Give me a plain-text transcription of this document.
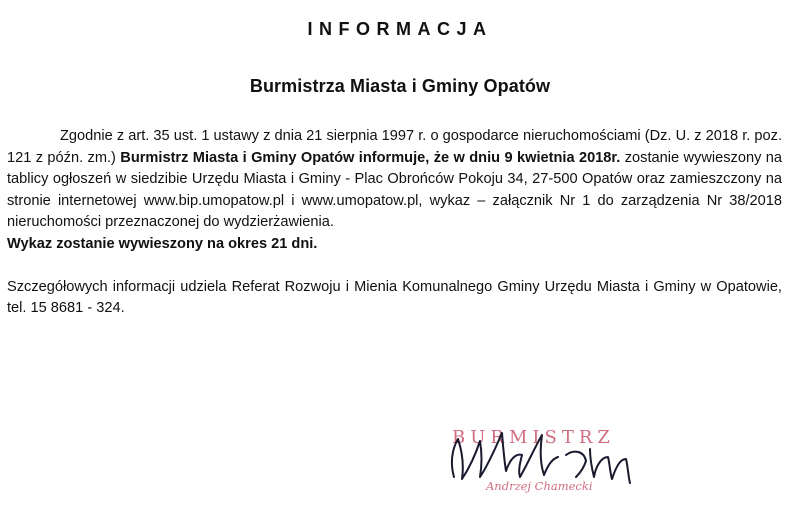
INFORMACJA
Burmistrza Miasta i Gminy Opatów

Zgodnie z art. 35 ust. 1 ustawy z dnia 21 sierpnia 1997 r. o gospodarce nieruchomościami (Dz. U. z 2018 r. poz. 121 z późn. zm.) Burmistrz Miasta i Gminy Opatów informuje, że w dniu 9 kwietnia 2018r. zostanie wywieszony na tablicy ogłoszeń w siedzibie Urzędu Miasta i Gminy - Plac Obrońców Pokoju 34, 27-500 Opatów oraz zamieszczony na stronie internetowej www.bip.umopatow.pl i www.umopatow.pl, wykaz – załącznik Nr 1 do zarządzenia Nr 38/2018 nieruchomości przeznaczonej do wydzierżawienia.

Wykaz zostanie wywieszony na okres 21 dni.

Szczegółowych informacji udziela Referat Rozwoju i Mienia Komunalnego Gminy Urzędu Miasta i Gminy w Opatowie, tel. 15 8681 - 324.

BURMISTRZ
Andrzej Chamecki
